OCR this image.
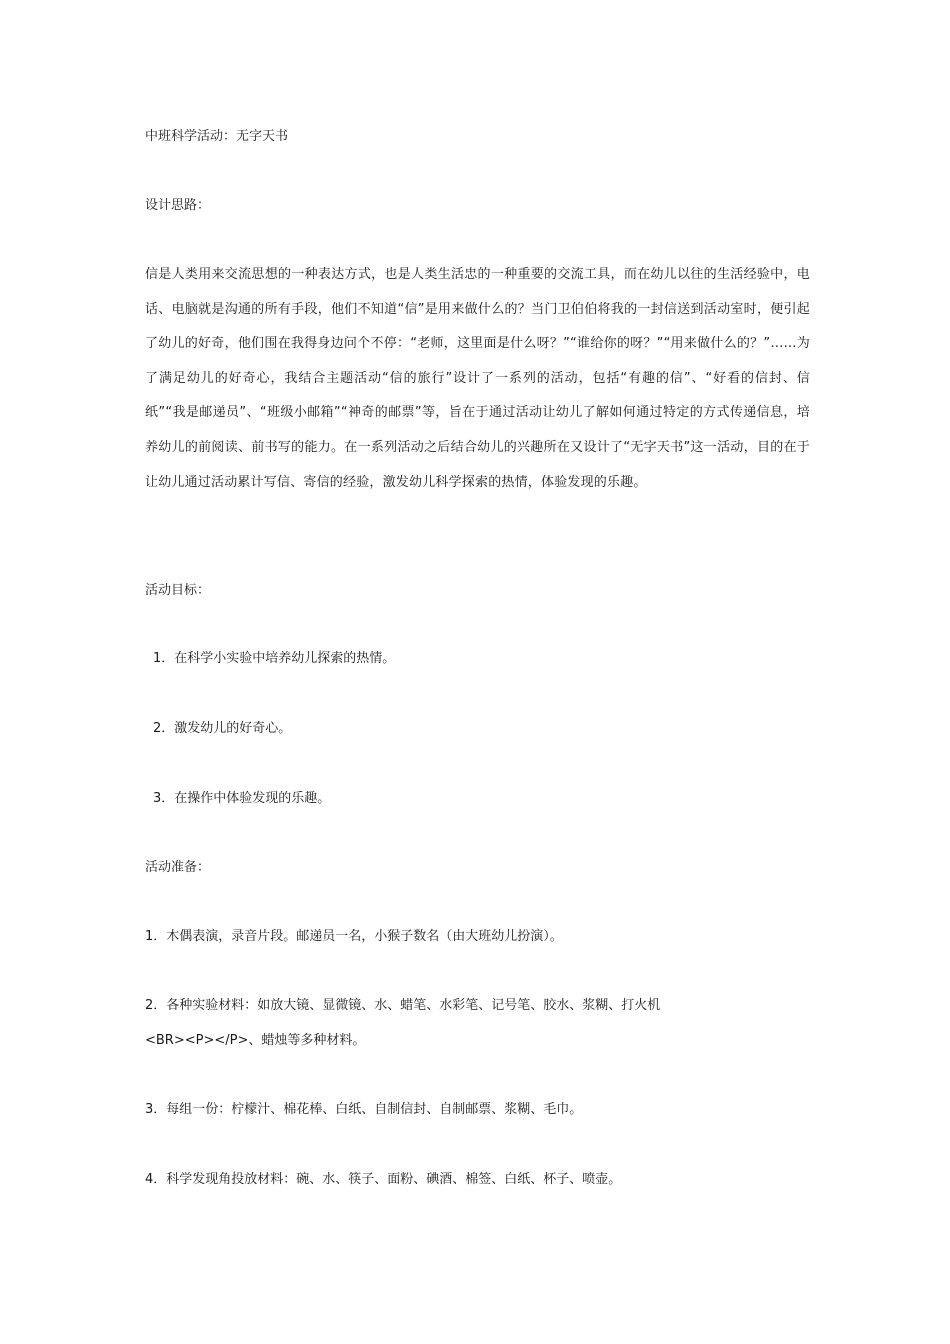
中班科学活动：无字天书
设计思路：
信是人类用来交流思想的一种表达方式，也是人类生活忠的一种重要的交流工具，而在幼儿以往的生活经验中，电话、电脑就是沟通的所有手段，他们不知道“信”是用来做什么的？当门卫伯伯将我的一封信送到活动室时，便引起了幼儿的好奇，他们围在我得身边问个不停：“老师，这里面是什么呀？”“谁给你的呀？”“用来做什么的？”……为了满足幼儿的好奇心，我结合主题活动“信的旅行”设计了一系列的活动，包括“有趣的信”、“好看的信封、信纸”“我是邮递员”、“班级小邮箱”“神奇的邮票”等，旨在于通过活动让幼儿了解如何通过特定的方式传递信息，培养幼儿的前阅读、前书写的能力。在一系列活动之后结合幼儿的兴趣所在又设计了“无字天书”这一活动，目的在于让幼儿通过活动累计写信、寄信的经验，激发幼儿科学探索的热情，体验发现的乐趣。
活动目标：
1．在科学小实验中培养幼儿探索的热情。
2．激发幼儿的好奇心。
3．在操作中体验发现的乐趣。
活动准备：
1．木偶表演，录音片段。邮递员一名，小猴子数名（由大班幼儿扮演）。
2．各种实验材料：如放大镜、显微镜、水、蜡笔、水彩笔、记号笔、胶水、浆糊、打火机
<BR><P></P>、蜡烛等多种材料。
3．每组一份：柠檬汁、棉花棒、白纸、自制信封、自制邮票、浆糊、毛巾。
4．科学发现角投放材料：碗、水、筷子、面粉、碘酒、棉签、白纸、杯子、喷壶。
